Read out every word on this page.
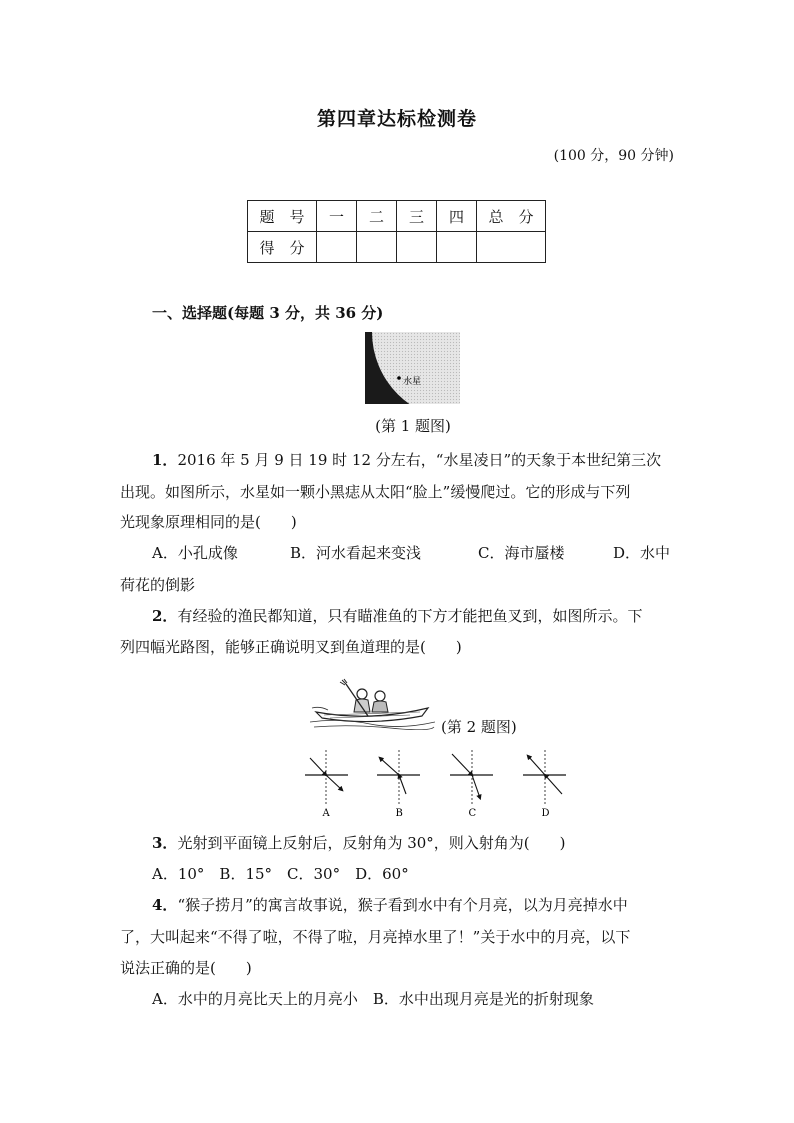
第四章达标检测卷
(100 分，90 分钟)
题　号	一	二	三	四	总　分
得　分					
一、选择题(每题 3 分，共 36 分)
水星
(第 1 题图)
1．2016 年 5 月 9 日 19 时 12 分左右，“水星凌日”的天象于本世纪第三次
出现。如图所示，水星如一颗小黑痣从太阳“脸上”缓慢爬过。它的形成与下列
光现象原理相同的是(　　)
A．小孔成像	B．河水看起来变浅	C．海市蜃楼	D．水中
荷花的倒影
2．有经验的渔民都知道，只有瞄准鱼的下方才能把鱼叉到，如图所示。下
列四幅光路图，能够正确说明叉到鱼道理的是(　　)
(第 2 题图)
A	B	C	D
3．光射到平面镜上反射后，反射角为 30°，则入射角为(　　)
A．10°　B．15°　C．30°　D．60°
4．“猴子捞月”的寓言故事说，猴子看到水中有个月亮，以为月亮掉水中
了，大叫起来“不得了啦，不得了啦，月亮掉水里了！”关于水中的月亮，以下
说法正确的是(　　)
A．水中的月亮比天上的月亮小　B．水中出现月亮是光的折射现象
